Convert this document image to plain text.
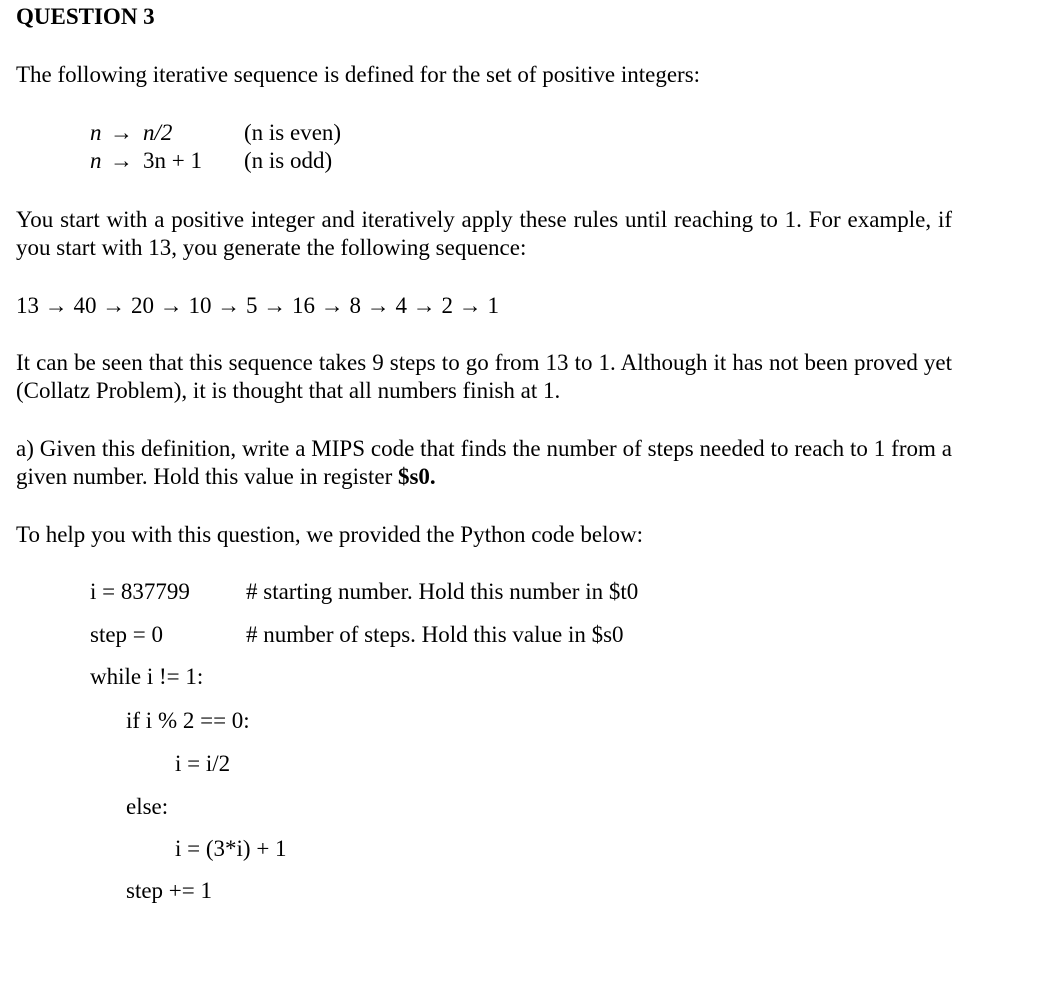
QUESTION 3
The following iterative sequence is defined for the set of positive integers:
n → n/2	(n is even)
n → 3n + 1 (n is odd)
You start with a positive integer and iteratively apply these rules until reaching to 1. For example, if you start with 13, you generate the following sequence:
13 → 40 → 20 → 10 → 5 → 16 → 8 → 4 → 2 → 1
It can be seen that this sequence takes 9 steps to go from 13 to 1. Although it has not been proved yet (Collatz Problem), it is thought that all numbers finish at 1.
a) Given this definition, write a MIPS code that finds the number of steps needed to reach to 1 from a given number. Hold this value in register $s0.
To help you with this question, we provided the Python code below:
i = 837799 # starting number. Hold this number in $t0
step = 0	# number of steps. Hold this value in $s0
while i != 1:
if i % 2 == 0:
i = i/2
else:
i = (3*i) + 1
step += 1
